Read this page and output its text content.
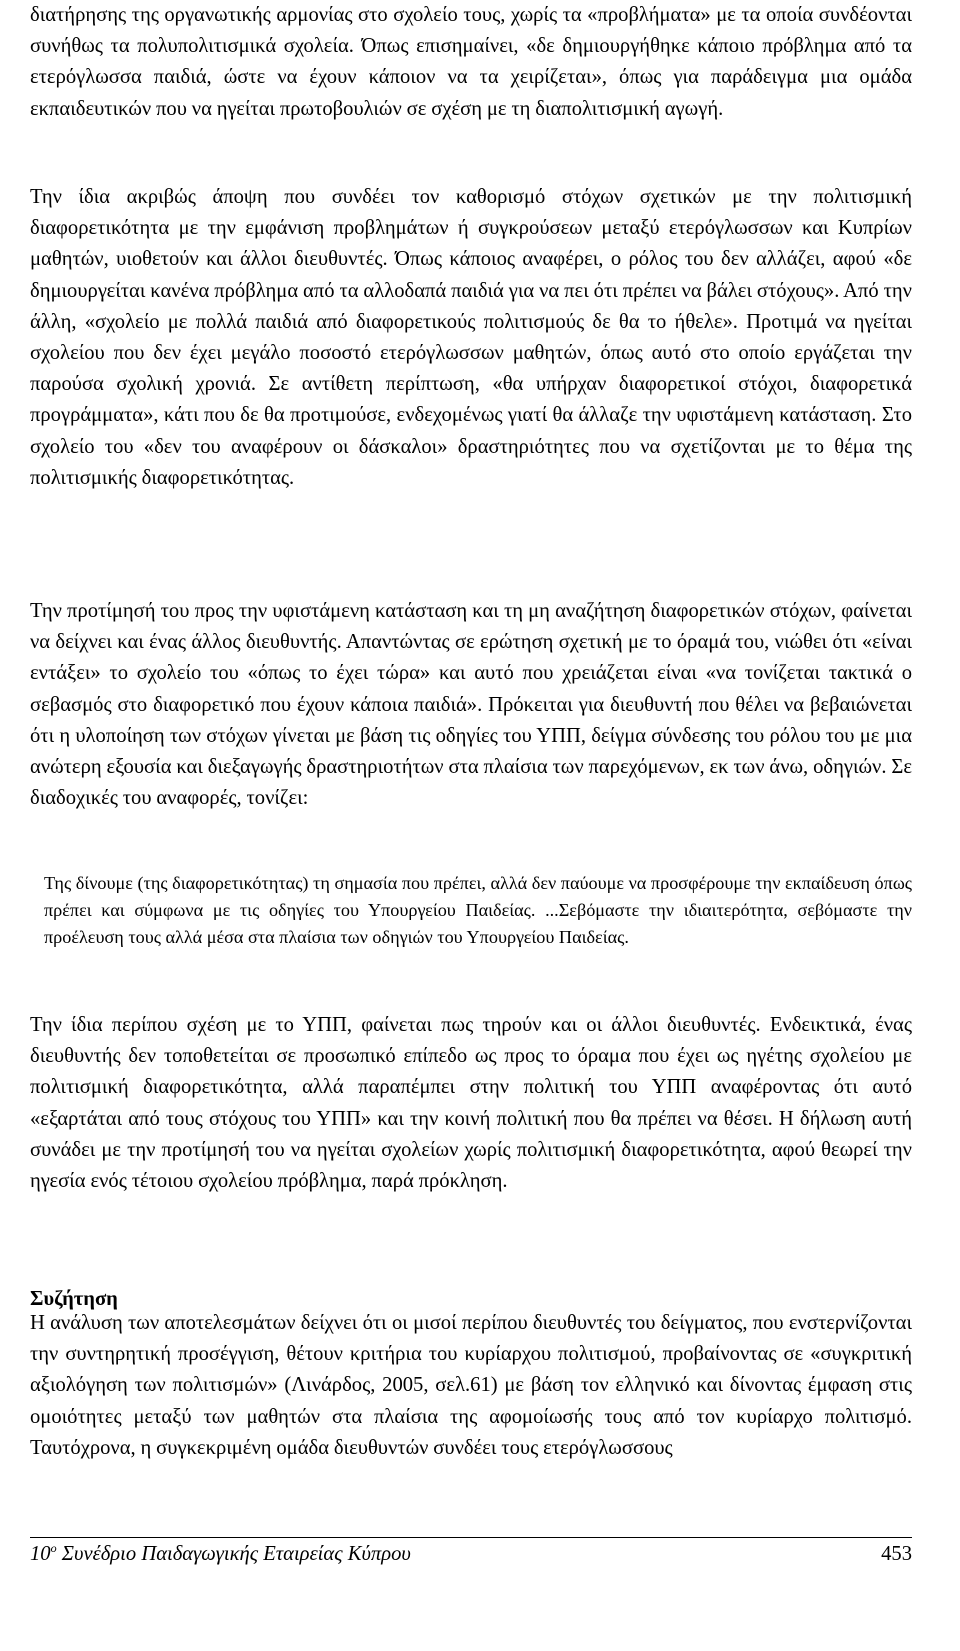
διατήρησης της οργανωτικής αρμονίας στο σχολείο τους, χωρίς τα «προβλήματα» με τα οποία συνδέονται συνήθως τα πολυπολιτισμικά σχολεία. Όπως επισημαίνει, «δε δημιουργήθηκε κάποιο πρόβλημα από τα ετερόγλωσσα παιδιά, ώστε να έχουν κάποιον να τα χειρίζεται», όπως για παράδειγμα μια ομάδα εκπαιδευτικών που να ηγείται πρωτοβουλιών σε σχέση με τη διαπολιτισμική αγωγή.

Την ίδια ακριβώς άποψη που συνδέει τον καθορισμό στόχων σχετικών με την πολιτισμική διαφορετικότητα με την εμφάνιση προβλημάτων ή συγκρούσεων μεταξύ ετερόγλωσσων και Κυπρίων μαθητών, υιοθετούν και άλλοι διευθυντές. Όπως κάποιος αναφέρει, ο ρόλος του δεν αλλάζει, αφού «δε δημιουργείται κανένα πρόβλημα από τα αλλοδαπά παιδιά για να πει ότι πρέπει να βάλει στόχους». Από την άλλη, «σχολείο με πολλά παιδιά από διαφορετικούς πολιτισμούς δε θα το ήθελε». Προτιμά να ηγείται σχολείου που δεν έχει μεγάλο ποσοστό ετερόγλωσσων μαθητών, όπως αυτό στο οποίο εργάζεται την παρούσα σχολική χρονιά. Σε αντίθετη περίπτωση, «θα υπήρχαν διαφορετικοί στόχοι, διαφορετικά προγράμματα», κάτι που δε θα προτιμούσε, ενδεχομένως γιατί θα άλλαζε την υφιστάμενη κατάσταση. Στο σχολείο του «δεν του αναφέρουν οι δάσκαλοι» δραστηριότητες που να σχετίζονται με το θέμα της πολιτισμικής διαφορετικότητας.

Την προτίμησή του προς την υφιστάμενη κατάσταση και τη μη αναζήτηση διαφορετικών στόχων, φαίνεται να δείχνει και ένας άλλος διευθυντής. Απαντώντας σε ερώτηση σχετική με το όραμά του, νιώθει ότι «είναι εντάξει» το σχολείο του «όπως το έχει τώρα» και αυτό που χρειάζεται είναι «να τονίζεται τακτικά ο σεβασμός στο διαφορετικό που έχουν κάποια παιδιά». Πρόκειται για διευθυντή που θέλει να βεβαιώνεται ότι η υλοποίηση των στόχων γίνεται με βάση τις οδηγίες του ΥΠΠ, δείγμα σύνδεσης του ρόλου του με μια ανώτερη εξουσία και διεξαγωγής δραστηριοτήτων στα πλαίσια των παρεχόμενων, εκ των άνω, οδηγιών. Σε διαδοχικές του αναφορές, τονίζει:

Της δίνουμε (της διαφορετικότητας) τη σημασία που πρέπει, αλλά δεν παύουμε να προσφέρουμε την εκπαίδευση όπως πρέπει και σύμφωνα με τις οδηγίες του Υπουργείου Παιδείας. ...Σεβόμαστε την ιδιαιτερότητα, σεβόμαστε την προέλευση τους αλλά μέσα στα πλαίσια των οδηγιών του Υπουργείου Παιδείας.

Την ίδια περίπου σχέση με το ΥΠΠ, φαίνεται πως τηρούν και οι άλλοι διευθυντές. Ενδεικτικά, ένας διευθυντής δεν τοποθετείται σε προσωπικό επίπεδο ως προς το όραμα που έχει ως ηγέτης σχολείου με πολιτισμική διαφορετικότητα, αλλά παραπέμπει στην πολιτική του ΥΠΠ αναφέροντας ότι αυτό «εξαρτάται από τους στόχους του ΥΠΠ» και την κοινή πολιτική που θα πρέπει να θέσει. Η δήλωση αυτή συνάδει με την προτίμησή του να ηγείται σχολείων χωρίς πολιτισμική διαφορετικότητα, αφού θεωρεί την ηγεσία ενός τέτοιου σχολείου πρόβλημα, παρά πρόκληση.

Συζήτηση

Η ανάλυση των αποτελεσμάτων δείχνει ότι οι μισοί περίπου διευθυντές του δείγματος, που ενστερνίζονται την συντηρητική προσέγγιση, θέτουν κριτήρια του κυρίαρχου πολιτισμού, προβαίνοντας σε «συγκριτική αξιολόγηση των πολιτισμών» (Λινάρδος, 2005, σελ.61) με βάση τον ελληνικό και δίνοντας έμφαση στις ομοιότητες μεταξύ των μαθητών στα πλαίσια της αφομοίωσής τους από τον κυρίαρχο πολιτισμό. Ταυτόχρονα, η συγκεκριμένη ομάδα διευθυντών συνδέει τους ετερόγλωσσους

$10^o$ Συνέδριο Παιδαγωγικής Εταιρείας Κύπρου	453
